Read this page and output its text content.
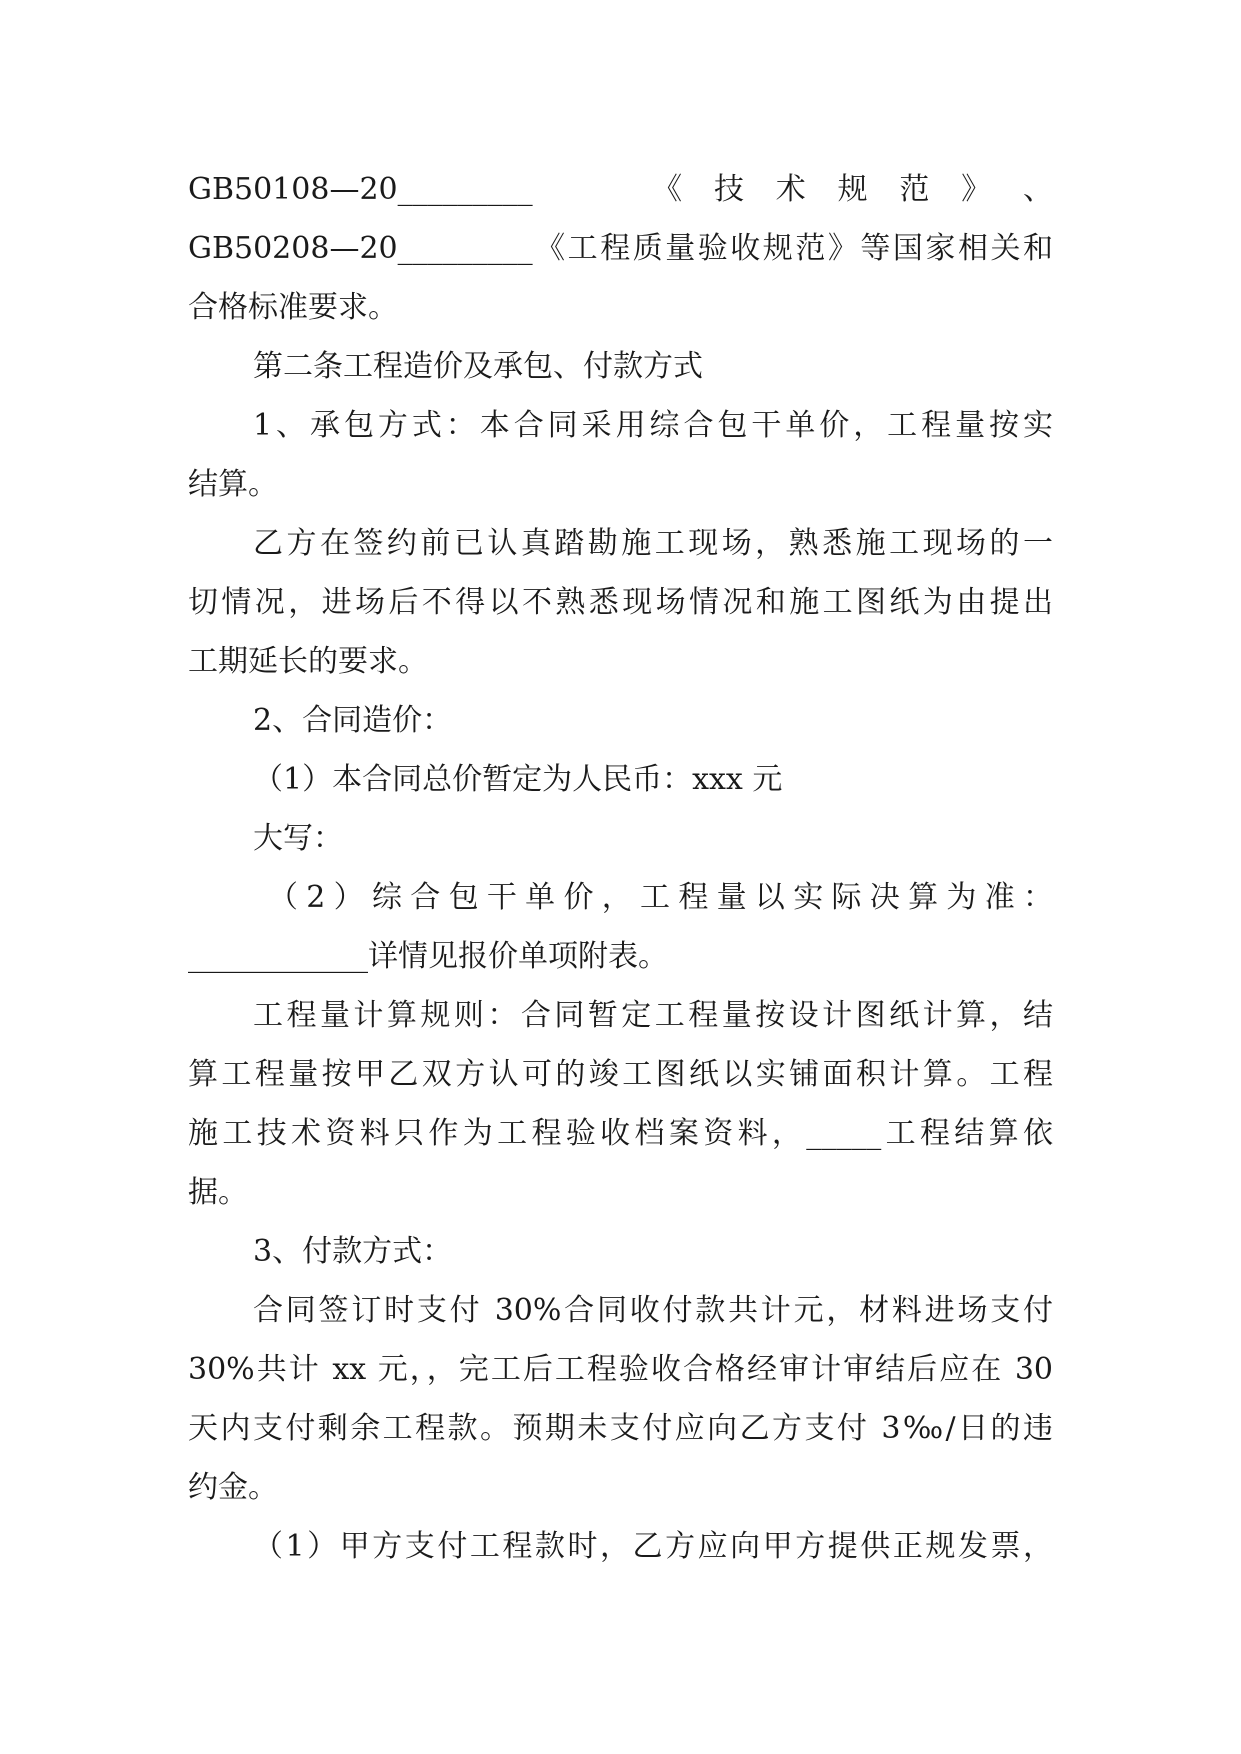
GB50108—20_________　　　《 技 术 规 范 》 、
GB50208—20_________《工程质量验收规范》等国家相关和
合格标准要求。
第二条工程造价及承包、付款方式
1、承包方式：本合同采用综合包干单价，工程量按实
结算。
乙方在签约前已认真踏勘施工现场，熟悉施工现场的一
切情况，进场后不得以不熟悉现场情况和施工图纸为由提出
工期延长的要求。
2、合同造价：
（1）本合同总价暂定为人民币：xxx 元
大写：
（2）综合包干单价，工程量以实际决算为准：
____________详情见报价单项附表。
工程量计算规则：合同暂定工程量按设计图纸计算，结
算工程量按甲乙双方认可的竣工图纸以实铺面积计算。工程
施工技术资料只作为工程验收档案资料，_____工程结算依
据。
3、付款方式：
合同签订时支付 30%合同收付款共计元，材料进场支付
30%共计 xx 元，，完工后工程验收合格经审计审结后应在 30
天内支付剩余工程款。预期未支付应向乙方支付 3‰/日的违
约金。
（1）甲方支付工程款时，乙方应向甲方提供正规发票，
